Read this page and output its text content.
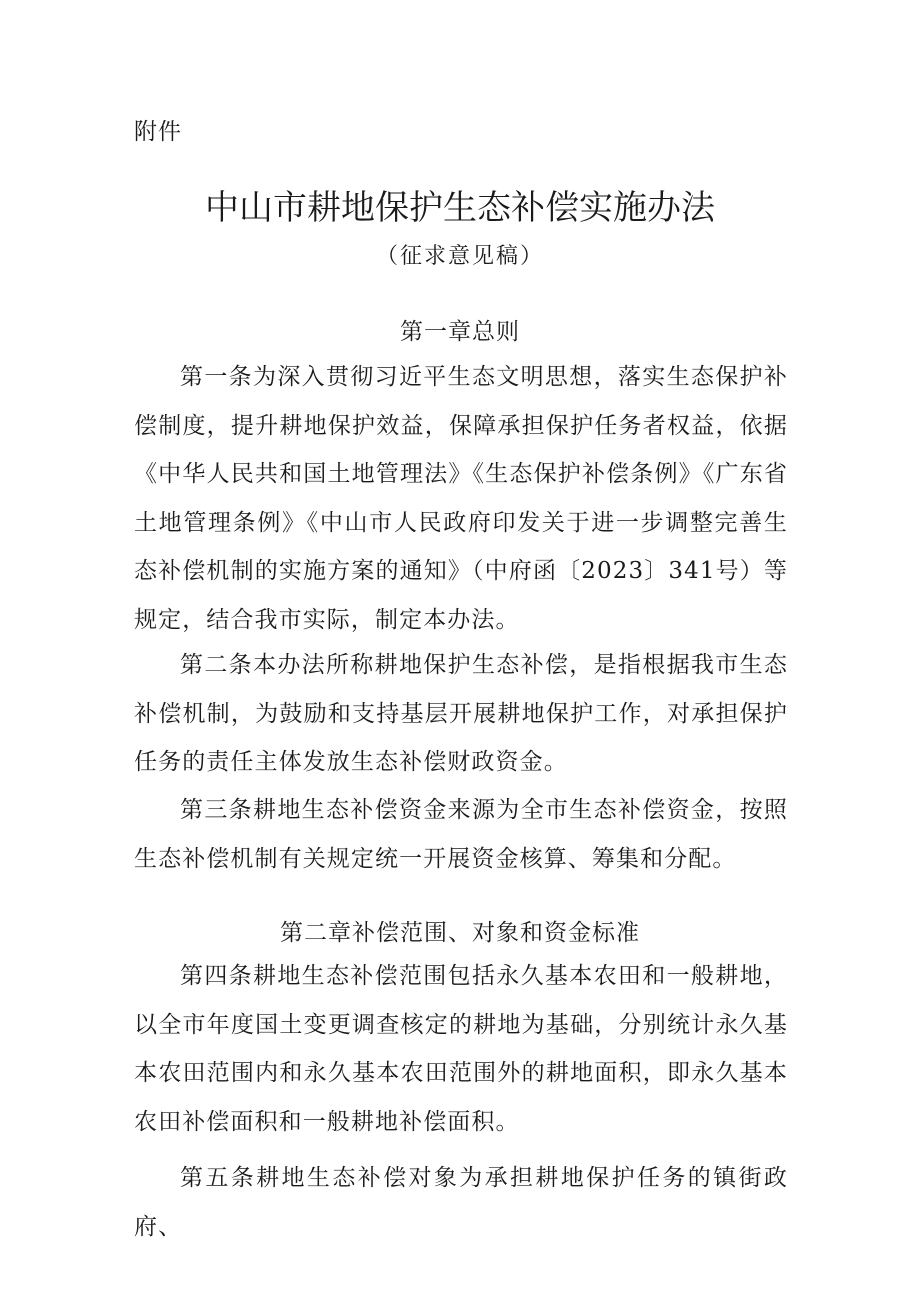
附件
中山市耕地保护生态补偿实施办法
（征求意见稿）
第一章总则
第一条为深入贯彻习近平生态文明思想，落实生态保护补偿制度，提升耕地保护效益，保障承担保护任务者权益，依据《中华人民共和国土地管理法》《生态保护补偿条例》《广东省土地管理条例》《中山市人民政府印发关于进一步调整完善生态补偿机制的实施方案的通知》（中府函〔2023〕341号）等规定，结合我市实际，制定本办法。
第二条本办法所称耕地保护生态补偿，是指根据我市生态补偿机制，为鼓励和支持基层开展耕地保护工作，对承担保护任务的责任主体发放生态补偿财政资金。
第三条耕地生态补偿资金来源为全市生态补偿资金，按照生态补偿机制有关规定统一开展资金核算、筹集和分配。
第二章补偿范围、对象和资金标准
第四条耕地生态补偿范围包括永久基本农田和一般耕地，以全市年度国土变更调查核定的耕地为基础，分别统计永久基本农田范围内和永久基本农田范围外的耕地面积，即永久基本农田补偿面积和一般耕地补偿面积。
第五条耕地生态补偿对象为承担耕地保护任务的镇街政府、
